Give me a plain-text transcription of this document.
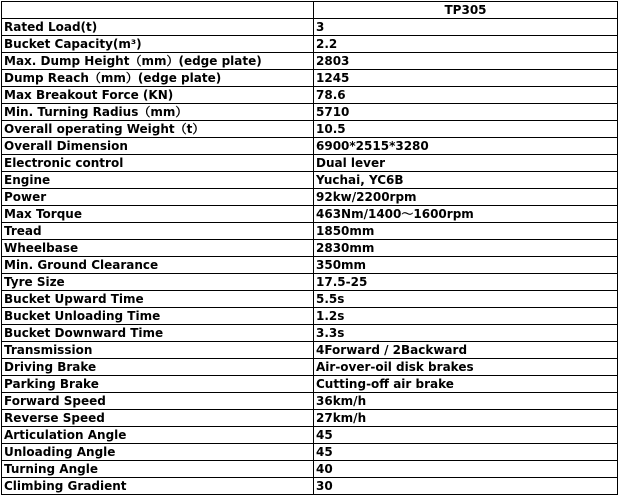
	TP305
Rated Load(t)	3
Bucket Capacity(m³)	2.2
Max. Dump Height（mm）(edge plate)	2803
Dump Reach（mm）(edge plate)	1245
Max Breakout Force (KN)	78.6
Min. Turning Radius（mm）	5710
Overall operating Weight（t）	10.5
Overall Dimension	6900*2515*3280
Electronic control	Dual lever
Engine	Yuchai, YC6B
Power	92kw/2200rpm
Max Torque	463Nm/1400～1600rpm
Tread	1850mm
Wheelbase	2830mm
Min. Ground Clearance	350mm
Tyre Size	17.5-25
Bucket Upward Time	5.5s
Bucket Unloading Time	1.2s
Bucket Downward Time	3.3s
Transmission	4Forward / 2Backward
Driving Brake	Air-over-oil disk brakes
Parking Brake	Cutting-off air brake
Forward Speed	36km/h
Reverse Speed	27km/h
Articulation Angle	45
Unloading Angle	45
Turning Angle	40
Climbing Gradient	30
